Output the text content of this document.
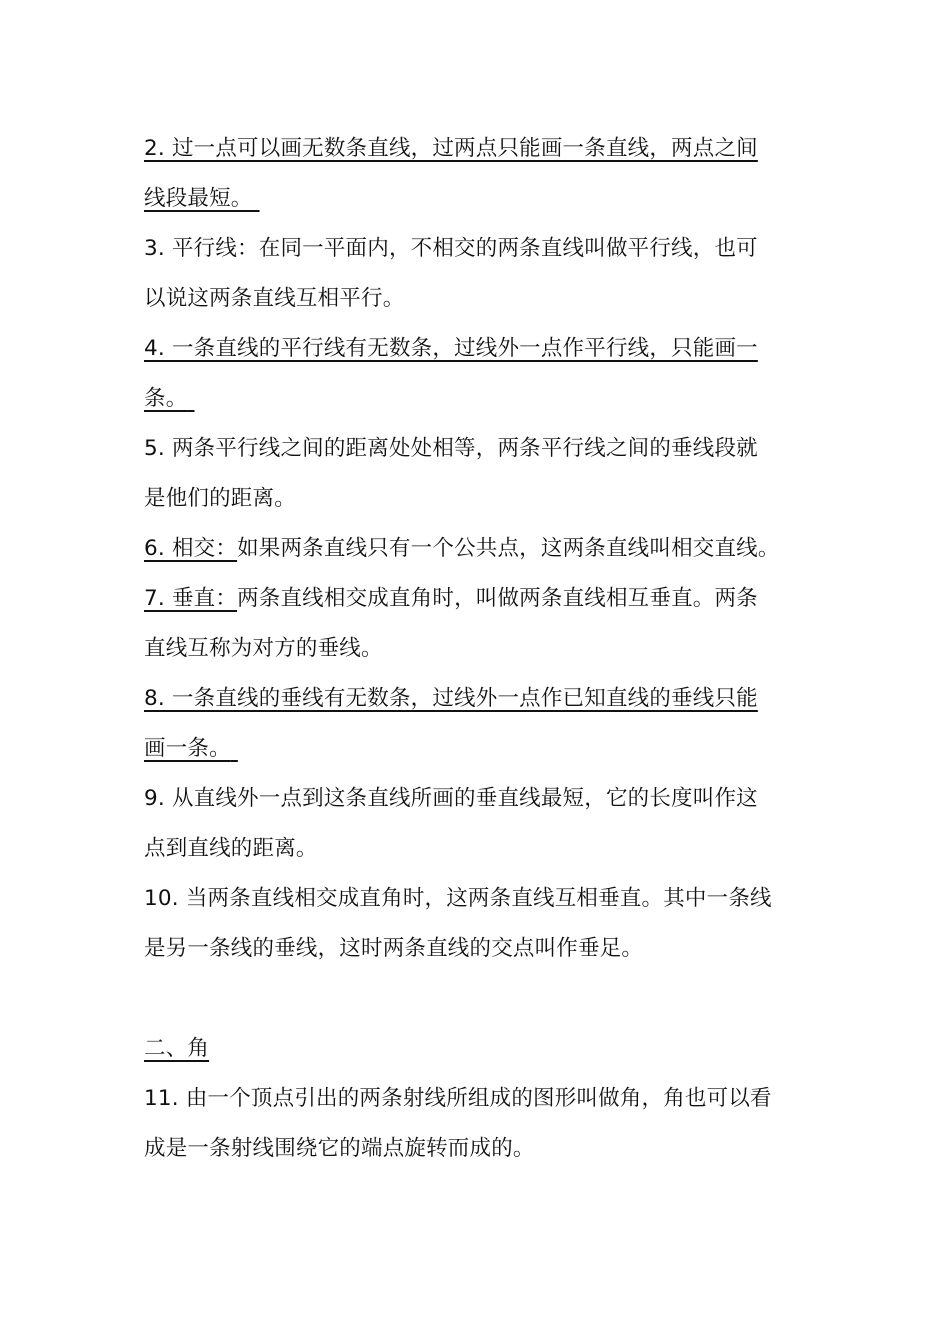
2. 过一点可以画无数条直线，过两点只能画一条直线，两点之间
线段最短。

3. 平行线：在同一平面内，不相交的两条直线叫做平行线，也可
以说这两条直线互相平行。

4. 一条直线的平行线有无数条，过线外一点作平行线，只能画一
条。

5. 两条平行线之间的距离处处相等，两条平行线之间的垂线段就
是他们的距离。

6. 相交：如果两条直线只有一个公共点，这两条直线叫相交直线。

7. 垂直：两条直线相交成直角时，叫做两条直线相互垂直。两条
直线互称为对方的垂线。

8. 一条直线的垂线有无数条，过线外一点作已知直线的垂线只能
画一条。

9. 从直线外一点到这条直线所画的垂直线最短，它的长度叫作这
点到直线的距离。

10. 当两条直线相交成直角时，这两条直线互相垂直。其中一条线
是另一条线的垂线，这时两条直线的交点叫作垂足。

二、角

11. 由一个顶点引出的两条射线所组成的图形叫做角，角也可以看
成是一条射线围绕它的端点旋转而成的。
